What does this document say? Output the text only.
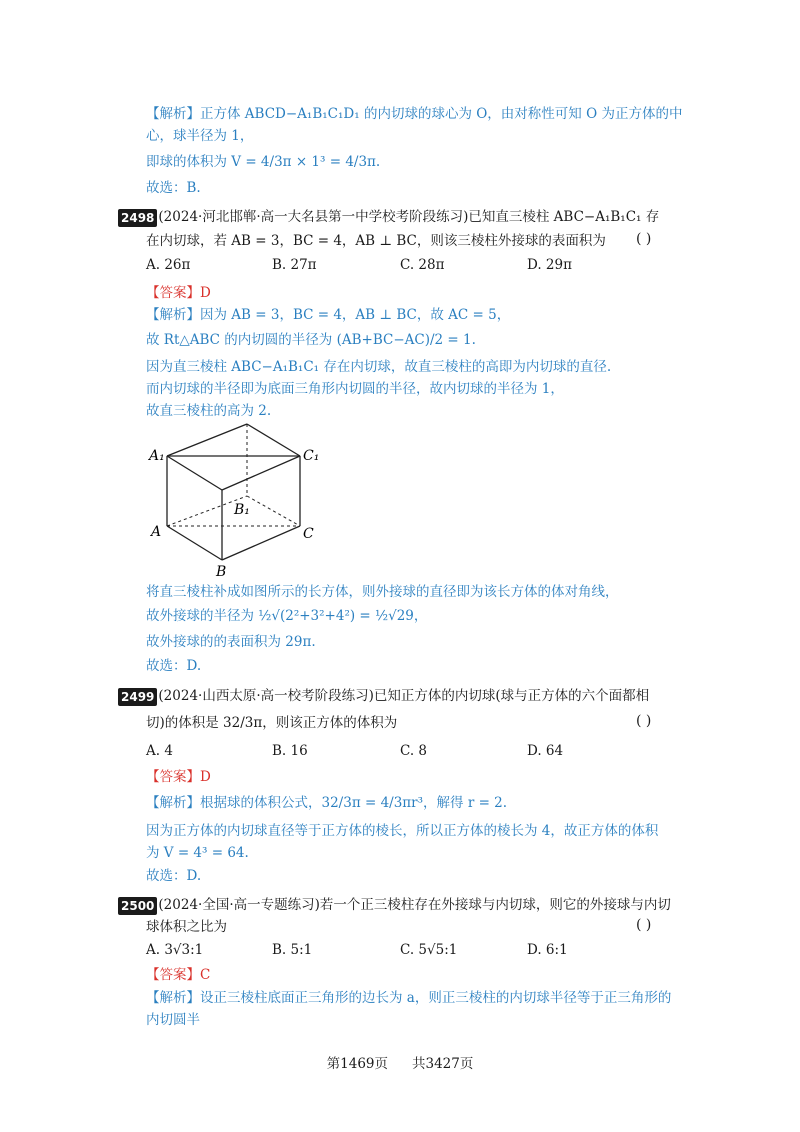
【解析】正方体 ABCD−A₁B₁C₁D₁ 的内切球的球心为 O，由对称性可知 O 为正方体的中
心，球半径为 1，
即球的体积为 V = 4/3π × 1³ = 4/3π.
故选：B.
2498 (2024·河北邯郸·高一大名县第一中学校考阶段练习)已知直三棱柱 ABC−A₁B₁C₁ 存
在内切球，若 AB = 3，BC = 4，AB ⊥ BC，则该三棱柱外接球的表面积为 ( )
A. 26π	B. 27π	C. 28π	D. 29π
【答案】D
【解析】因为 AB = 3，BC = 4，AB ⊥ BC，故 AC = 5，
故 Rt△ABC 的内切圆的半径为 (AB+BC−AC)/2 = 1.
因为直三棱柱 ABC−A₁B₁C₁ 存在内切球，故直三棱柱的高即为内切球的直径.
而内切球的半径即为底面三角形内切圆的半径，故内切球的半径为 1，
故直三棱柱的高为 2.
A₁	C₁
B₁
A	C
B
将直三棱柱补成如图所示的长方体，则外接球的直径即为该长方体的体对角线，
故外接球的半径为 ½√(2²+3²+4²) = ½√29，
故外接球的的表面积为 29π.
故选：D.
2499 (2024·山西太原·高一校考阶段练习)已知正方体的内切球(球与正方体的六个面都相
切)的体积是 32/3π，则该正方体的体积为	( )
A. 4	B. 16	C. 8	D. 64
【答案】D
【解析】根据球的体积公式，32/3π = 4/3πr³，解得 r = 2.
因为正方体的内切球直径等于正方体的棱长，所以正方体的棱长为 4，故正方体的体积
为 V = 4³ = 64.
故选：D.
2500 (2024·全国·高一专题练习)若一个正三棱柱存在外接球与内切球，则它的外接球与内切
球体积之比为	( )
A. 3√3:1	B. 5:1	C. 5√5:1	D. 6:1
【答案】C
【解析】设正三棱柱底面正三角形的边长为 a，则正三棱柱的内切球半径等于正三角形的
内切圆半
第1469页 共3427页
